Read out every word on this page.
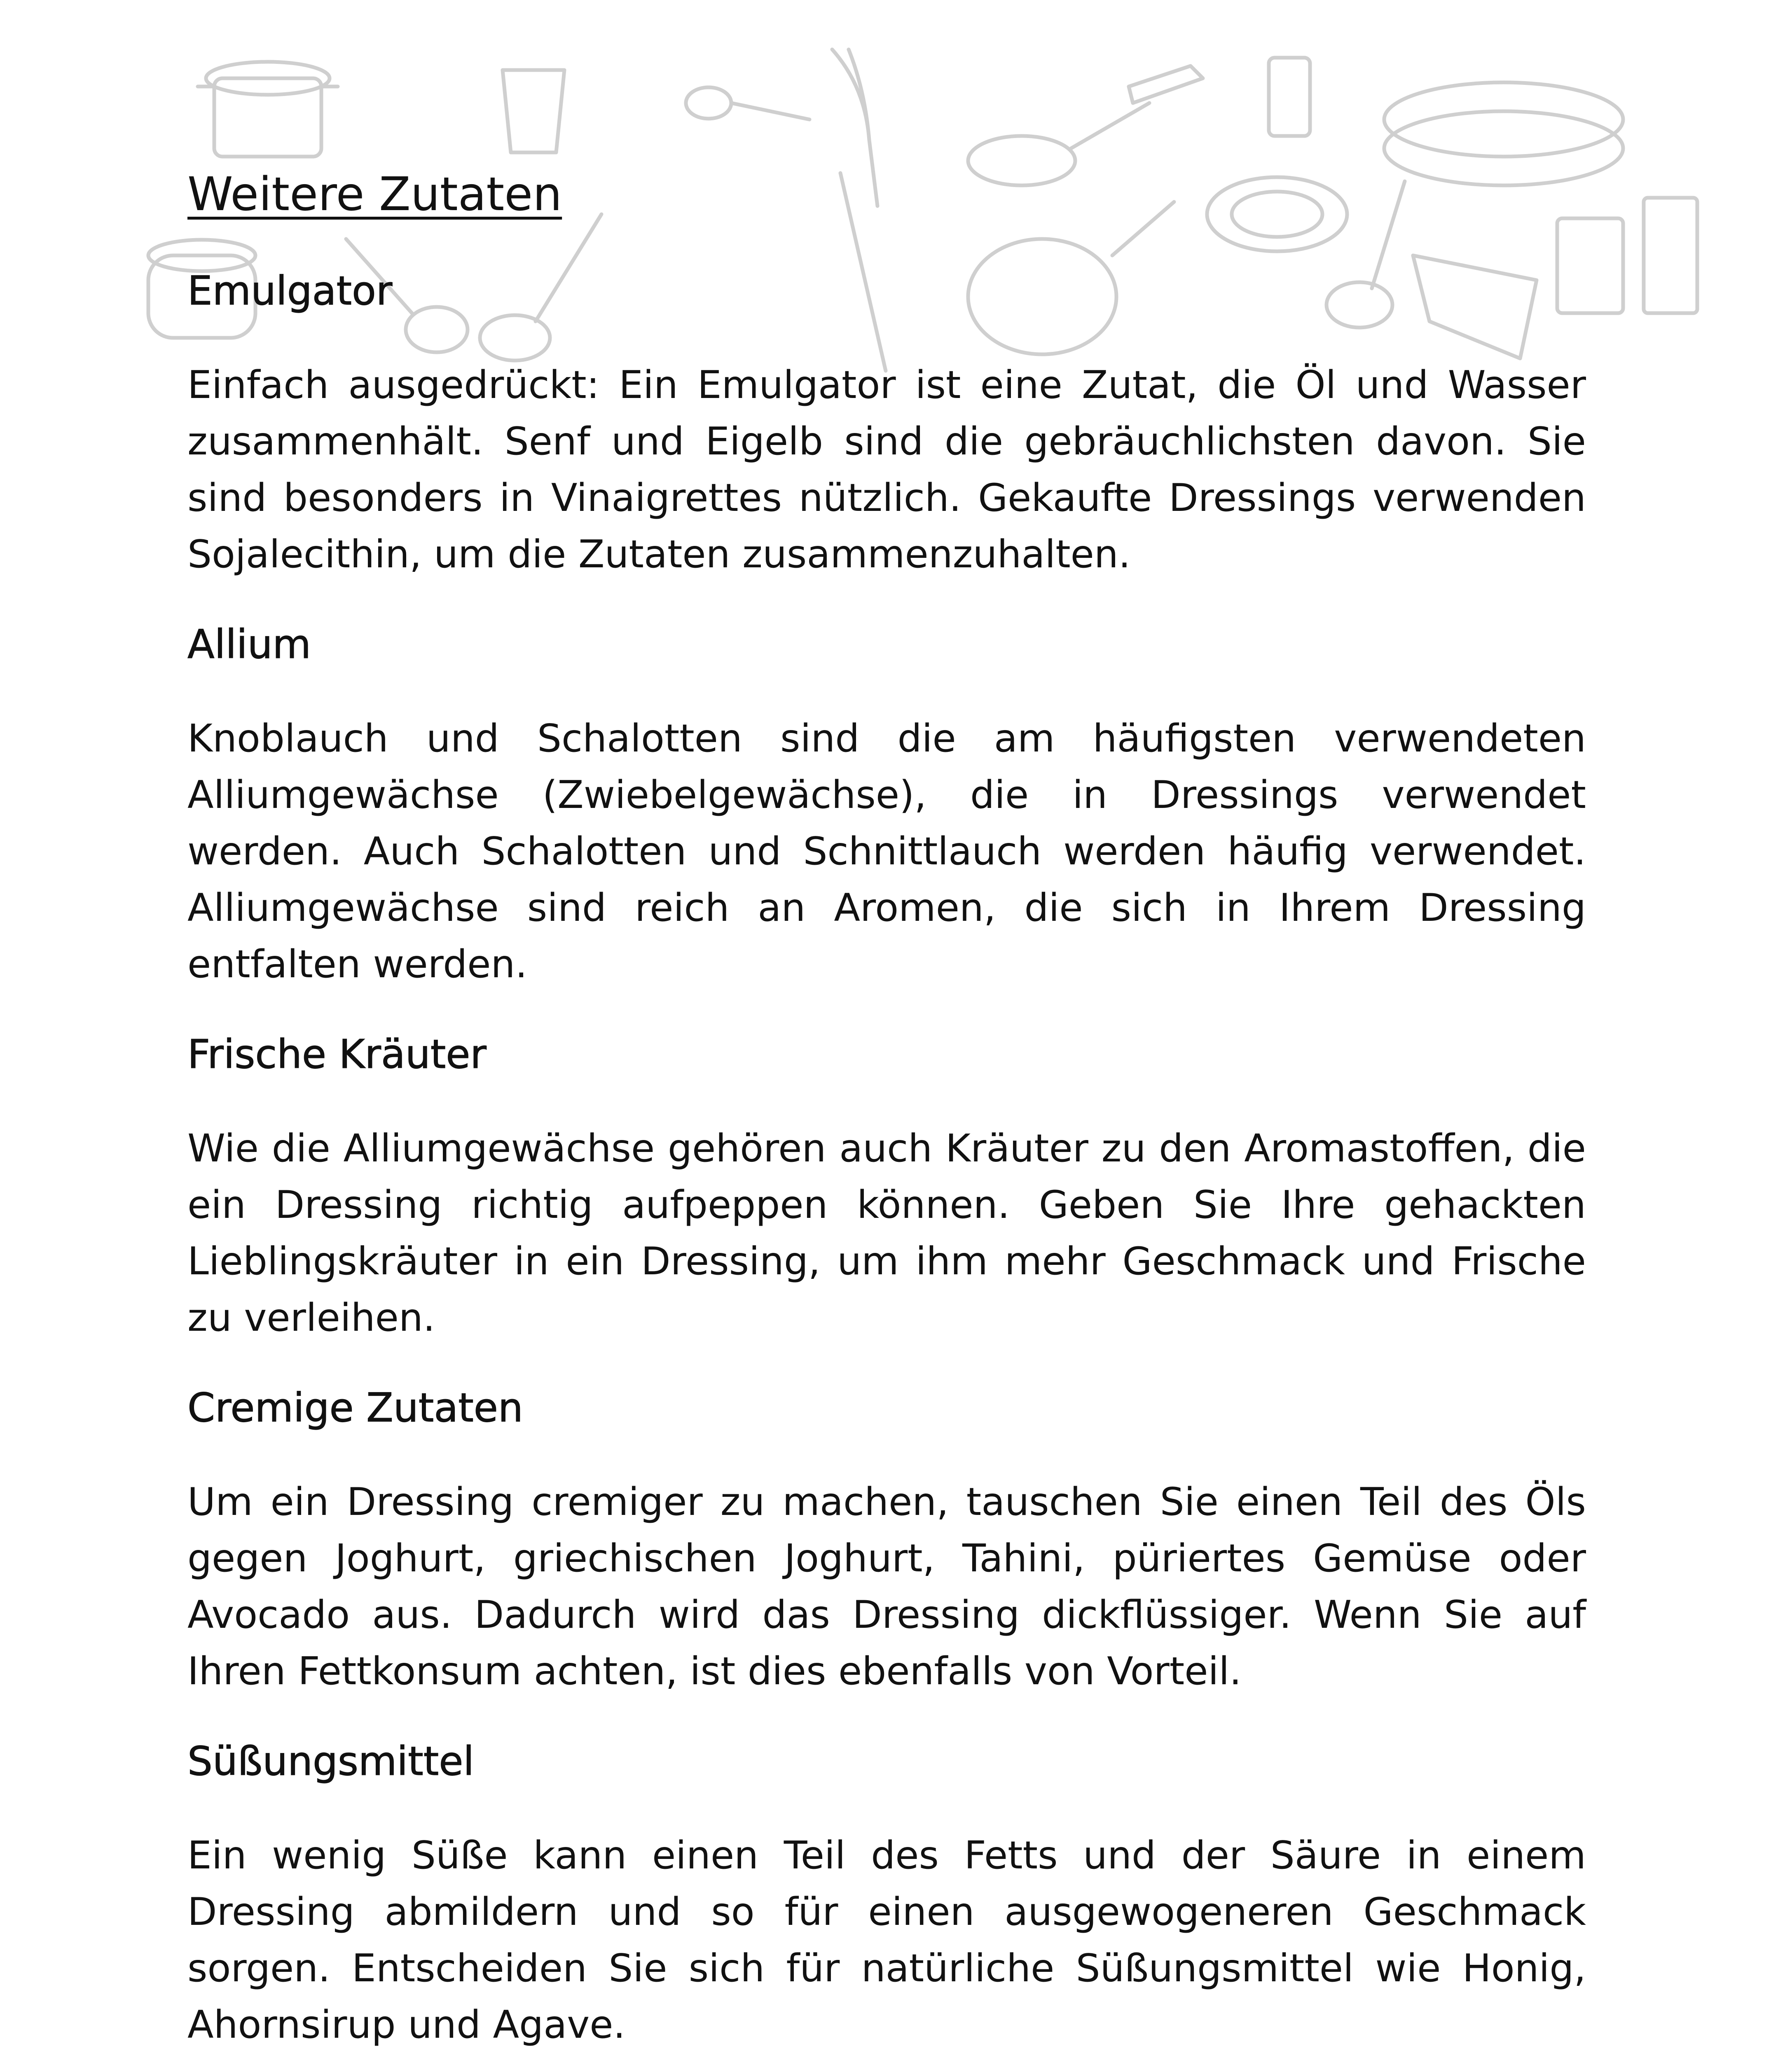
Weitere Zutaten
Emulgator

Einfach ausgedrückt: Ein Emulgator ist eine Zutat, die Öl und Wasser zusammenhält. Senf und Eigelb sind die gebräuchlichsten davon. Sie sind besonders in Vinaigrettes nützlich. Gekaufte Dressings verwenden Sojalecithin, um die Zutaten zusammenzuhalten.

Allium

Knoblauch und Schalotten sind die am häufigsten verwendeten Alliumgewächse (Zwiebelgewächse), die in Dressings verwendet werden. Auch Schalotten und Schnittlauch werden häufig verwendet. Alliumgewächse sind reich an Aromen, die sich in Ihrem Dressing entfalten werden.

Frische Kräuter

Wie die Alliumgewächse gehören auch Kräuter zu den Aromastoffen, die ein Dressing richtig aufpeppen können. Geben Sie Ihre gehackten Lieblingskräuter in ein Dressing, um ihm mehr Geschmack und Frische zu verleihen.

Cremige Zutaten

Um ein Dressing cremiger zu machen, tauschen Sie einen Teil des Öls gegen Joghurt, griechischen Joghurt, Tahini, püriertes Gemüse oder Avocado aus. Dadurch wird das Dressing dickflüssiger. Wenn Sie auf Ihren Fettkonsum achten, ist dies ebenfalls von Vorteil.

Süßungsmittel

Ein wenig Süße kann einen Teil des Fetts und der Säure in einem Dressing abmildern und so für einen ausgewogeneren Geschmack sorgen. Entscheiden Sie sich für natürliche Süßungsmittel wie Honig, Ahornsirup und Agave.
